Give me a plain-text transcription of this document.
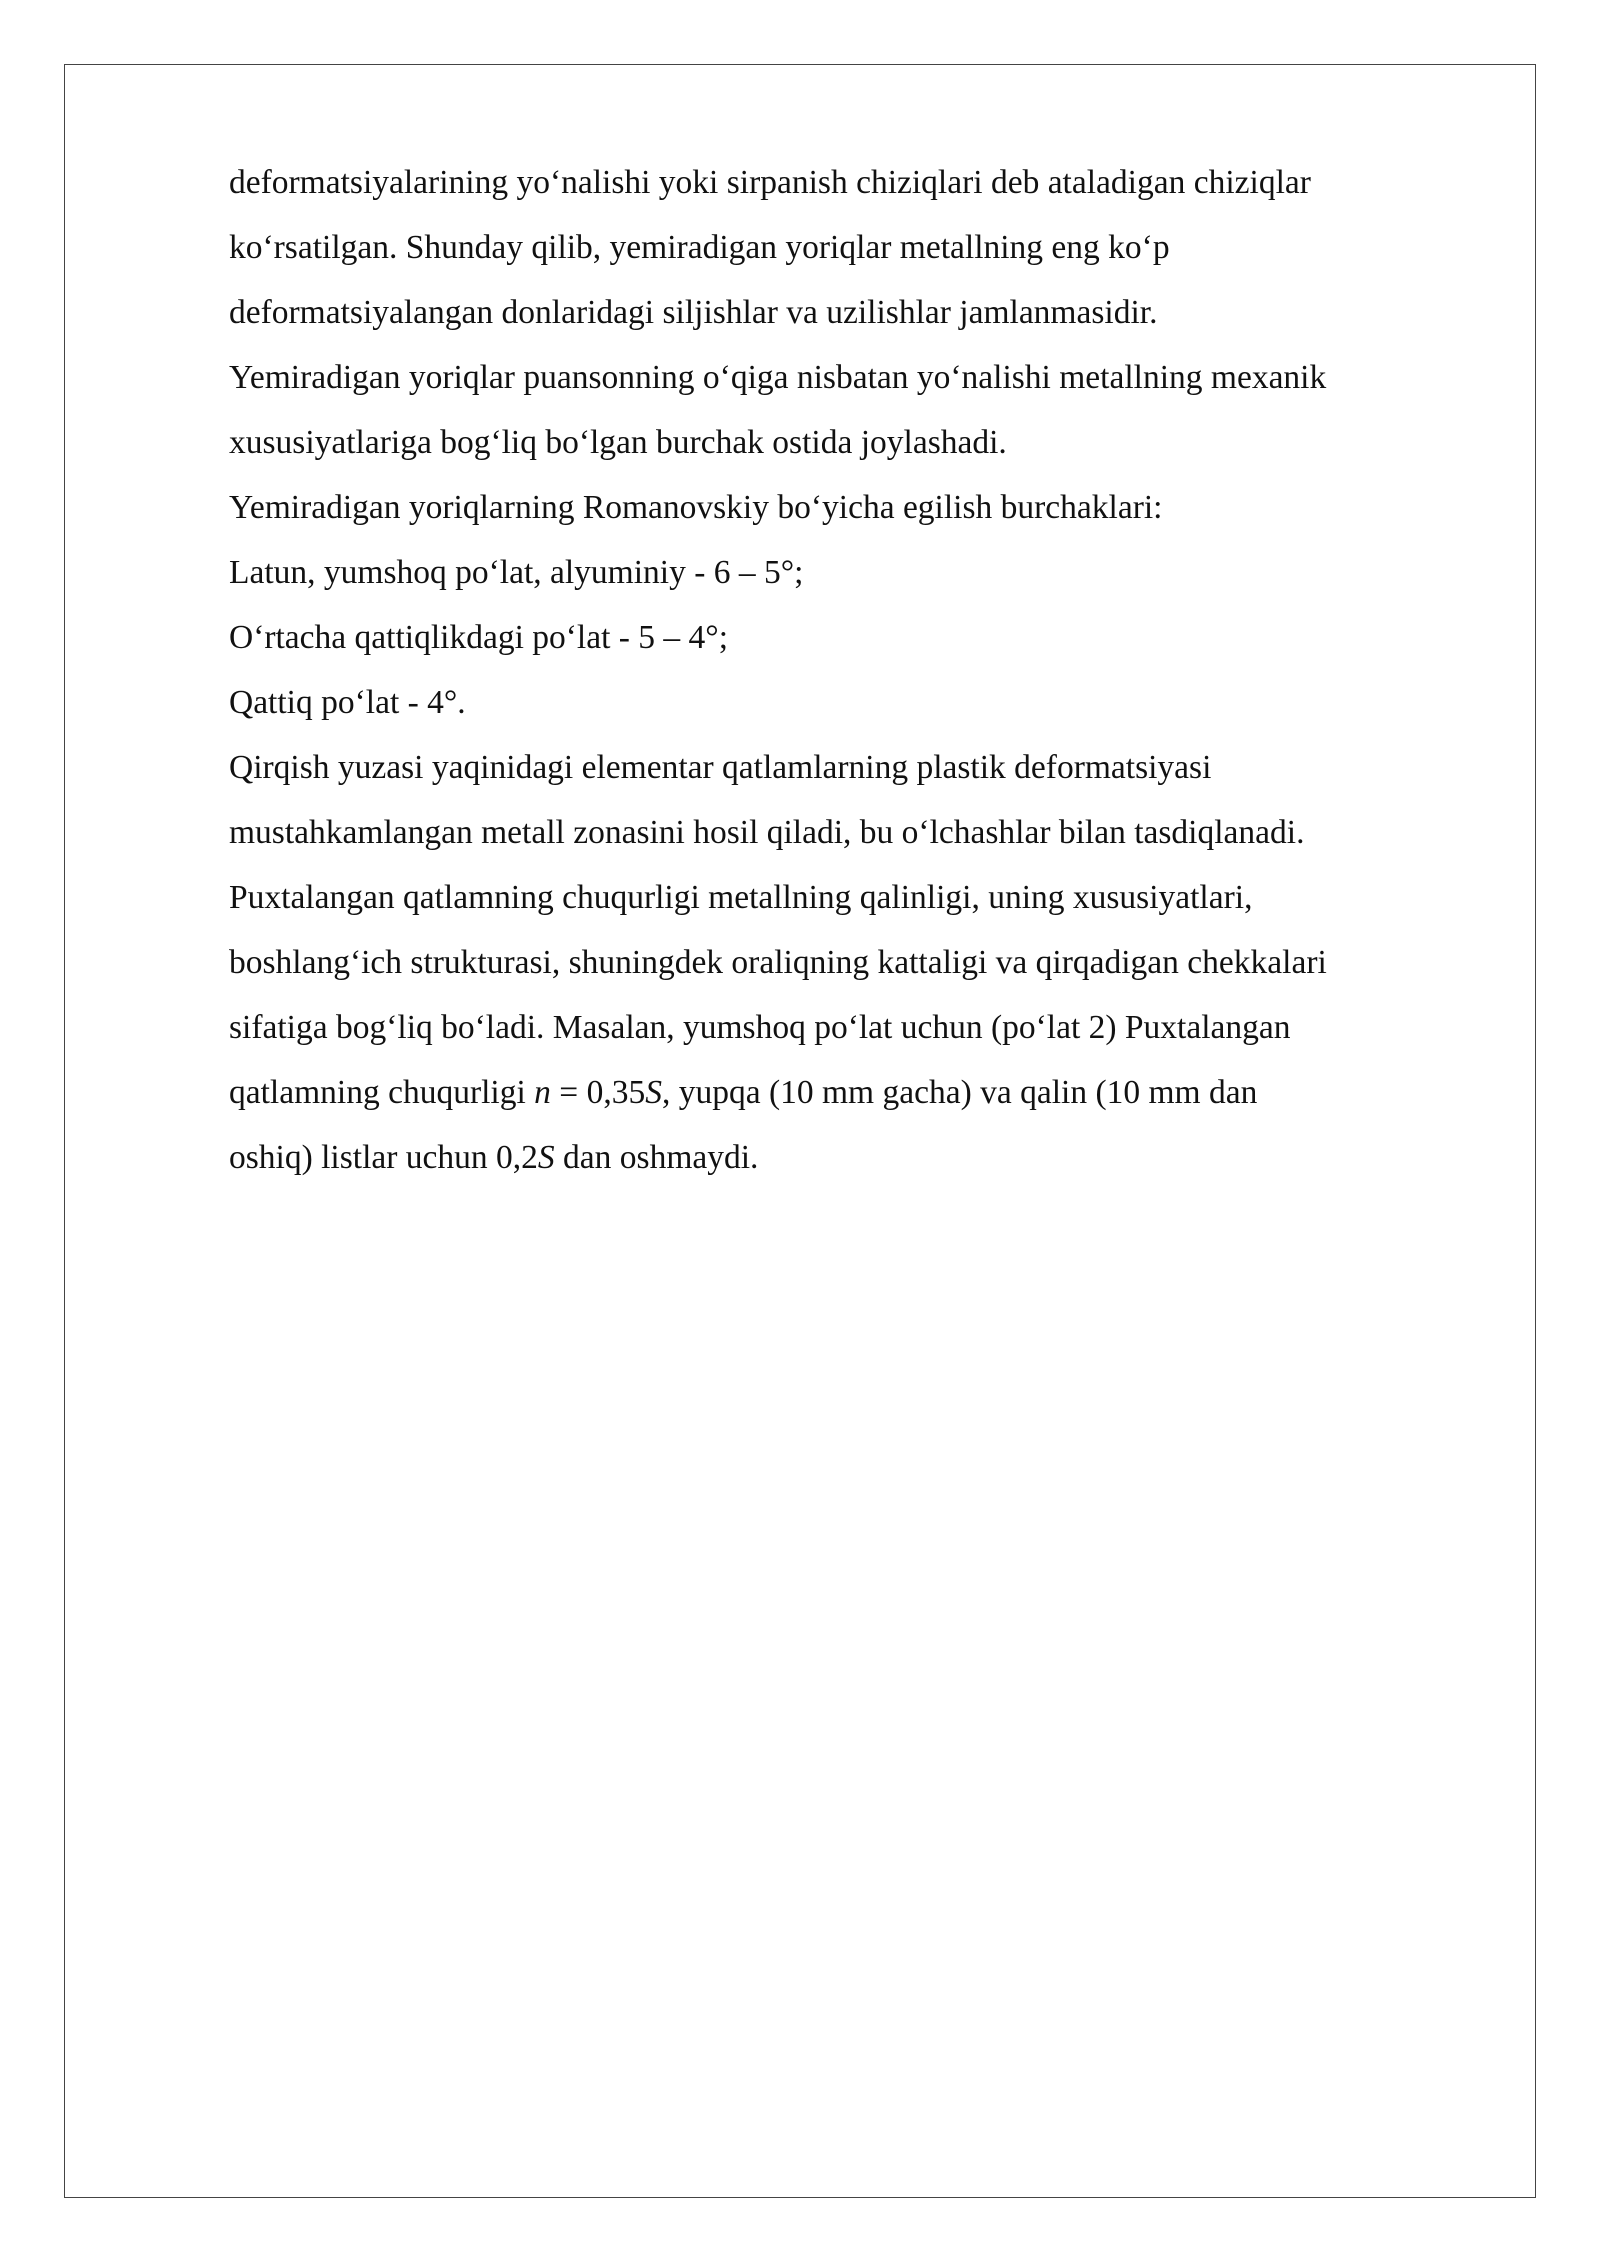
deformatsiyalarining yo‘nalishi yoki sirpanish chiziqlari deb ataladigan chiziqlar
ko‘rsatilgan. Shunday qilib, yemiradigan yoriqlar metallning eng ko‘p
deformatsiyalangan donlaridagi siljishlar va uzilishlar jamlanmasidir.
Yemiradigan yoriqlar puansonning o‘qiga nisbatan yo‘nalishi metallning mexanik
xususiyatlariga bog‘liq bo‘lgan burchak ostida joylashadi.
Yemiradigan yoriqlarning Romanovskiy bo‘yicha egilish burchaklari:
Latun, yumshoq po‘lat, alyuminiy - 6 – 5°;
O‘rtacha qattiqlikdagi po‘lat - 5 – 4°;
Qattiq po‘lat - 4°.
Qirqish yuzasi yaqinidagi elementar qatlamlarning plastik deformatsiyasi
mustahkamlangan metall zonasini hosil qiladi, bu o‘lchashlar bilan tasdiqlanadi.
Puxtalangan qatlamning chuqurligi metallning qalinligi, uning xususiyatlari,
boshlang‘ich strukturasi, shuningdek oraliqning kattaligi va qirqadigan chekkalari
sifatiga bog‘liq bo‘ladi. Masalan, yumshoq po‘lat uchun (po‘lat 2) Puxtalangan
qatlamning chuqurligi n = 0,35S, yupqa (10 mm gacha) va qalin (10 mm dan
oshiq) listlar uchun 0,2S dan oshmaydi.
